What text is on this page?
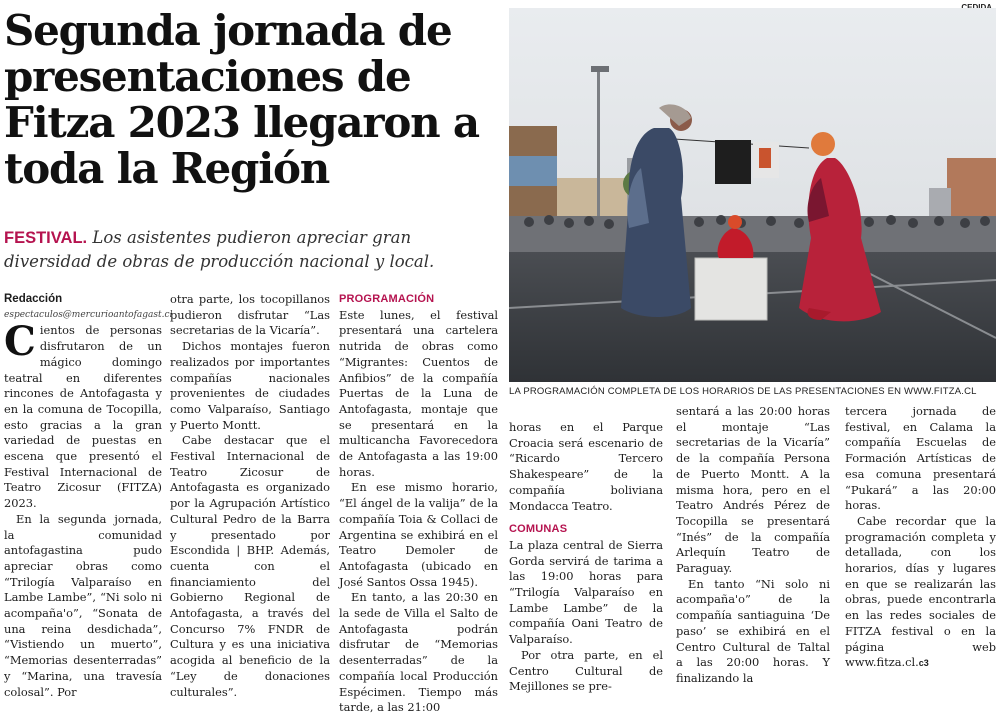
Segunda jornada de presentaciones de Fitza 2023 llegaron a toda la Región

FESTIVAL. Los asistentes pudieron apreciar gran diversidad de obras de producción nacional y local.

LA PROGRAMACIÓN COMPLETA DE LOS HORARIOS DE LAS PRESENTACIONES EN WWW.FITZA.CL

Redacción

espectaculos@mercurioantofagast.cl

Cientos de personas disfrutaron de un mágico domingo teatral en diferentes rincones de Antofagasta y en la comuna de Tocopilla, esto gracias a la gran variedad de puestas en escena que presentó el Festival Internacional de Teatro Zicosur (FITZA) 2023.

En la segunda jornada, la comunidad antofagastina pudo apreciar obras como “Trilogía Valparaíso en Lambe Lambe”, “Ni solo ni acompaña'o”, “Sonata de una reina desdichada”, “Vistiendo un muerto”, “Memorias desenterradas” y “Marina, una travesía colosal”. Por

otra parte, los tocopillanos pudieron disfrutar “Las secretarias de la Vicaría”.

Dichos montajes fueron realizados por importantes compañías nacionales provenientes de ciudades como Valparaíso, Santiago y Puerto Montt.

Cabe destacar que el Festival Internacional de Teatro Zicosur de Antofagasta es organizado por la Agrupación Artístico Cultural Pedro de la Barra y presentado por Escondida | BHP. Además, cuenta con el financiamiento del Gobierno Regional de Antofagasta, a través del Concurso 7% FNDR de Cultura y es una iniciativa acogida al beneficio de la “Ley de donaciones culturales”.

PROGRAMACIÓN

Este lunes, el festival presentará una cartelera nutrida de obras como “Migrantes: Cuentos de Anfibios” de la compañía Puertas de la Luna de Antofagasta, montaje que se presentará en la multicancha Favorecedora de Antofagasta a las 19:00 horas.

En ese mismo horario, “El ángel de la valija” de la compañía Toia & Collaci de Argentina se exhibirá en el Teatro Demoler de Antofagasta (ubicado en José Santos Ossa 1945).

En tanto, a las 20:30 en la sede de Villa el Salto de Antofagasta podrán disfrutar de “Memorias desenterradas” de la compañía local Producción Espécimen. Tiempo más tarde, a las 21:00

horas en el Parque Croacia será escenario de “Ricardo Tercero Shakespeare” de la compañía boliviana Mondacca Teatro.

COMUNAS

La plaza central de Sierra Gorda servirá de tarima a las 19:00 horas para “Trilogía Valparaíso en Lambe Lambe” de la compañía Oani Teatro de Valparaíso.

Por otra parte, en el Centro Cultural de Mejillones se pre-

sentará a las 20:00 horas el montaje “Las secretarias de la Vicaría” de la compañía Persona de Puerto Montt. A la misma hora, pero en el Teatro Andrés Pérez de Tocopilla se presentará “Inés” de la compañía Arlequín Teatro de Paraguay.

En tanto “Ni solo ni acompaña'o” de la compañía santiaguina ‘De paso’ se exhibirá en el Centro Cultural de Taltal a las 20:00 horas. Y finalizando la

tercera jornada de festival, en Calama la compañía Escuelas de Formación Artísticas de esa comuna presentará “Pukará” a las 20:00 horas.

Cabe recordar que la programación completa y detallada, con los horarios, días y lugares en que se realizarán las obras, puede encontrarla en las redes sociales de FITZA festival o en la página web www.fitza.cl.c3
